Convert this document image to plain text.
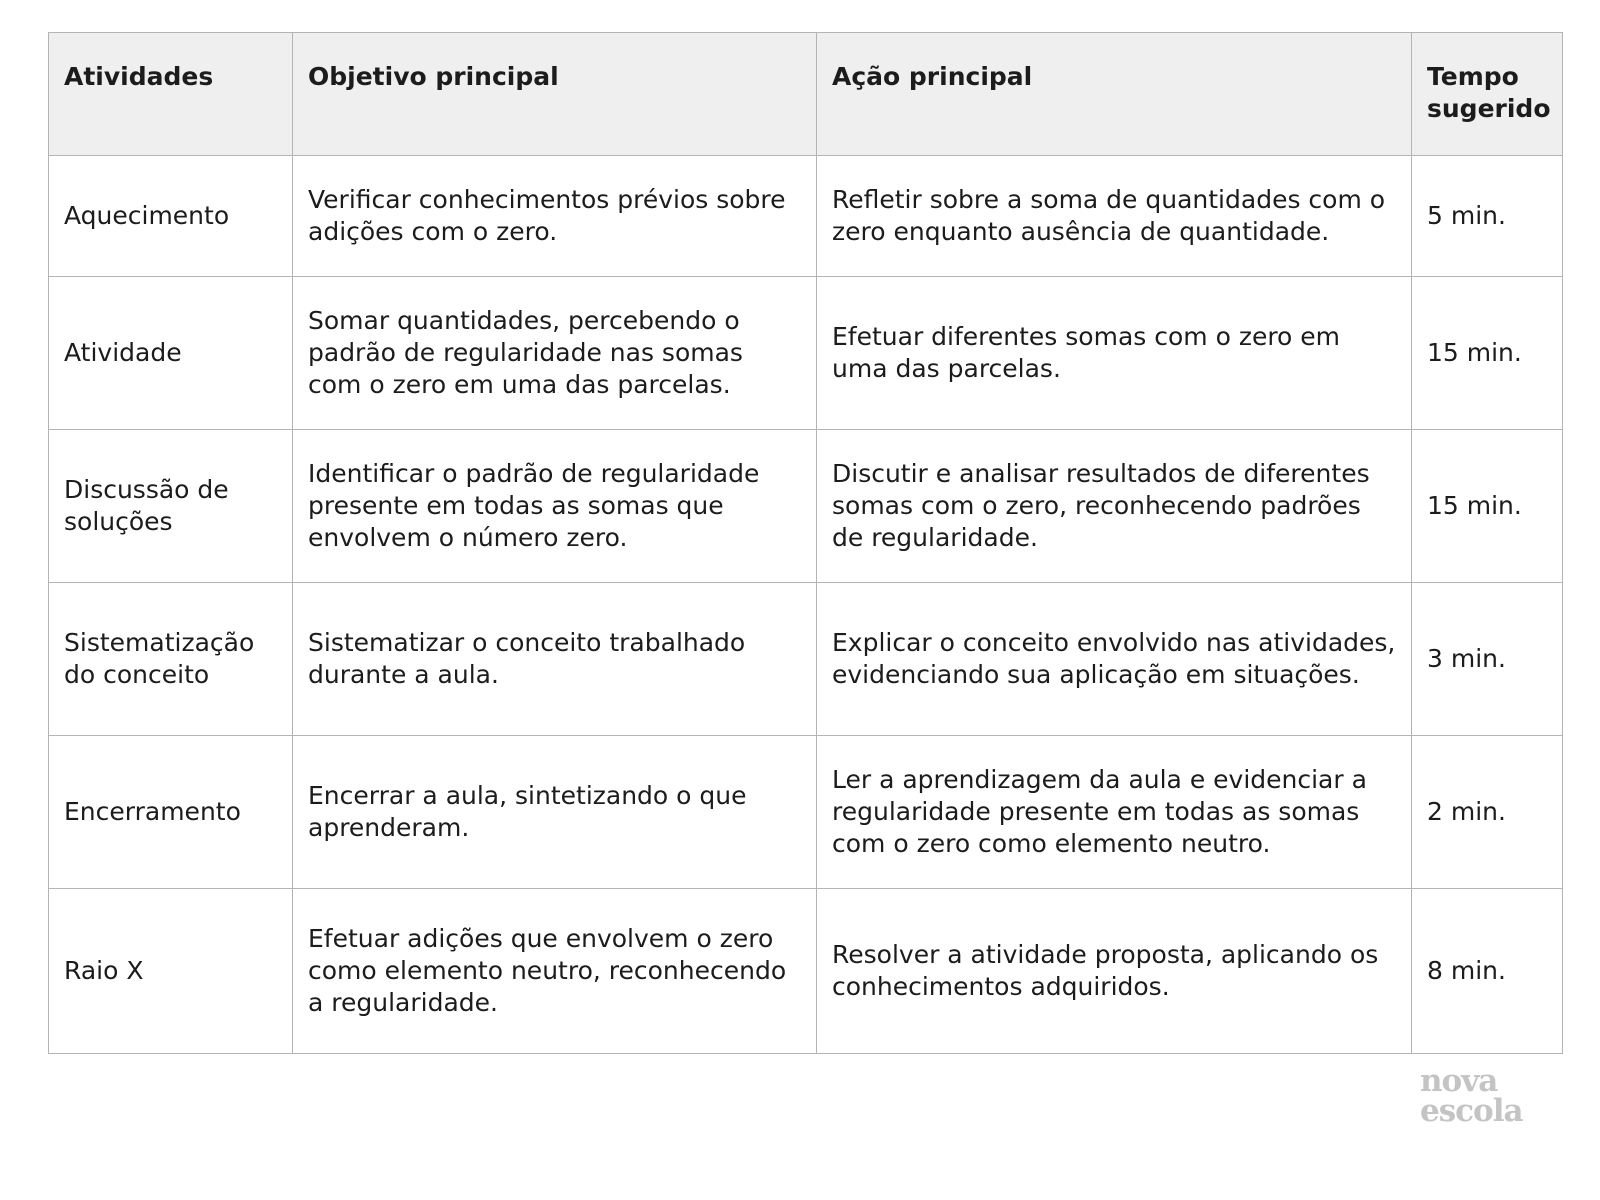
Atividades	Objetivo principal	Ação principal	Tempo sugerido
Aquecimento	Verificar conhecimentos prévios sobre adições com o zero.	Refletir sobre a soma de quantidades com o zero enquanto ausência de quantidade.	5 min.
Atividade	Somar quantidades, percebendo o padrão de regularidade nas somas com o zero em uma das parcelas.	Efetuar diferentes somas com o zero em uma das parcelas.	15 min.
Discussão de soluções	Identificar o padrão de regularidade presente em todas as somas que envolvem o número zero.	Discutir e analisar resultados de diferentes somas com o zero, reconhecendo padrões de regularidade.	15 min.
Sistematização do conceito	Sistematizar o conceito trabalhado durante a aula.	Explicar o conceito envolvido nas atividades, evidenciando sua aplicação em situações.	3 min.
Encerramento	Encerrar a aula, sintetizando o que aprenderam.	Ler a aprendizagem da aula e evidenciar a regularidade presente em todas as somas com o zero como elemento neutro.	2 min.
Raio X	Efetuar adições que envolvem o zero como elemento neutro, reconhecendo a regularidade.	Resolver a atividade proposta, aplicando os conhecimentos adquiridos.	8 min.
nova
escola
